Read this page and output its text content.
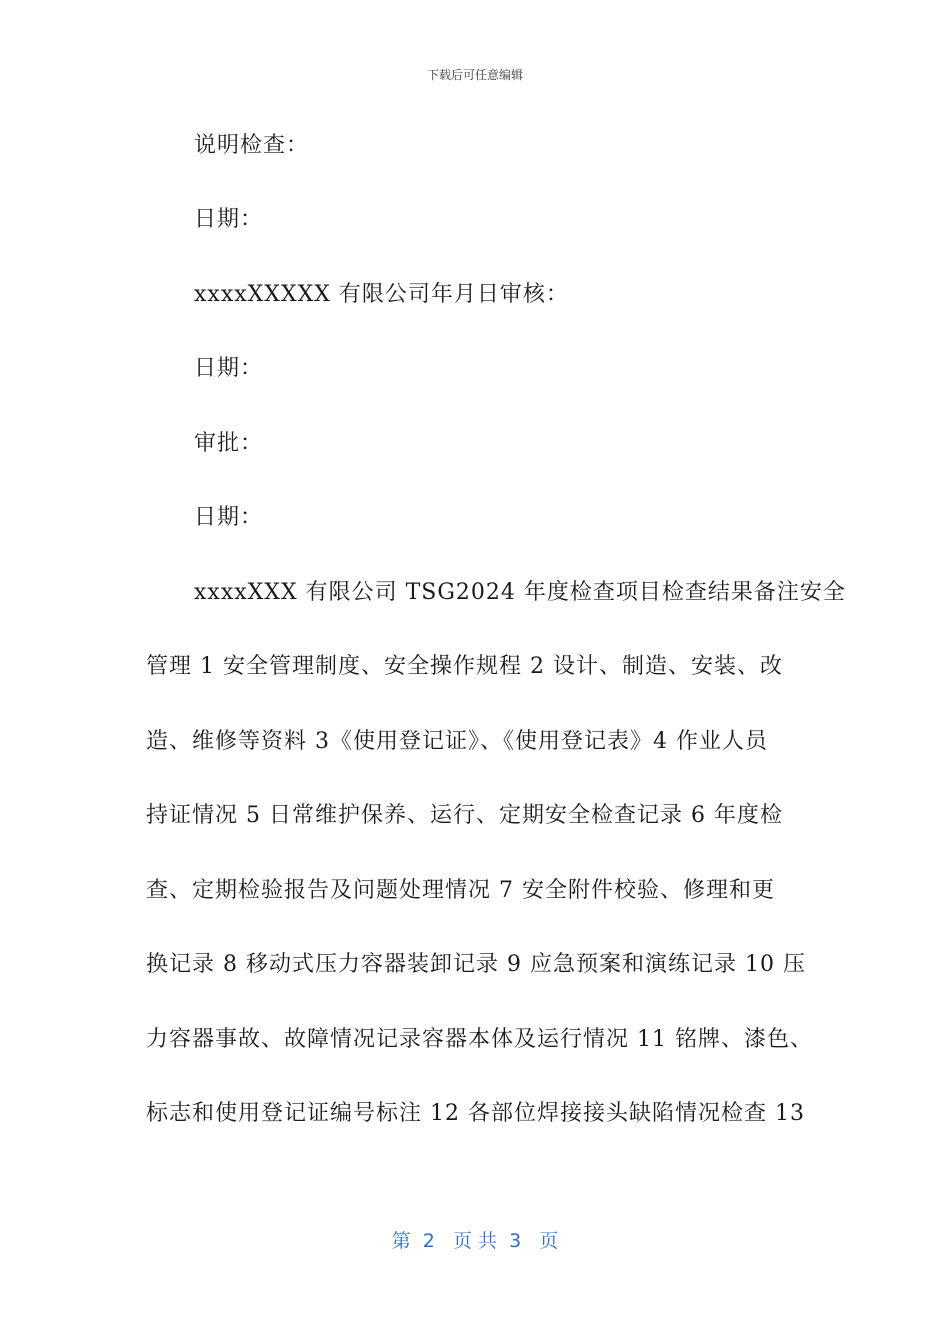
下载后可任意编辑
说明检查：
日期：
xxxxXXXXX 有限公司年月日审核：
日期：
审批：
日期：
xxxxXXX 有限公司 TSG2024 年度检查项目检查结果备注安全
管理 1 安全管理制度、安全操作规程 2 设计、制造、安装、改
造、维修等资料 3《使用登记证》、《使用登记表》4 作业人员
持证情况 5 日常维护保养、运行、定期安全检查记录 6 年度检
查、定期检验报告及问题处理情况 7 安全附件校验、修理和更
换记录 8 移动式压力容器装卸记录 9 应急预案和演练记录 10 压
力容器事故、故障情况记录容器本体及运行情况 11 铭牌、漆色、
标志和使用登记证编号标注 12 各部位焊接接头缺陷情况检查 13
第  2   页 共  3   页
